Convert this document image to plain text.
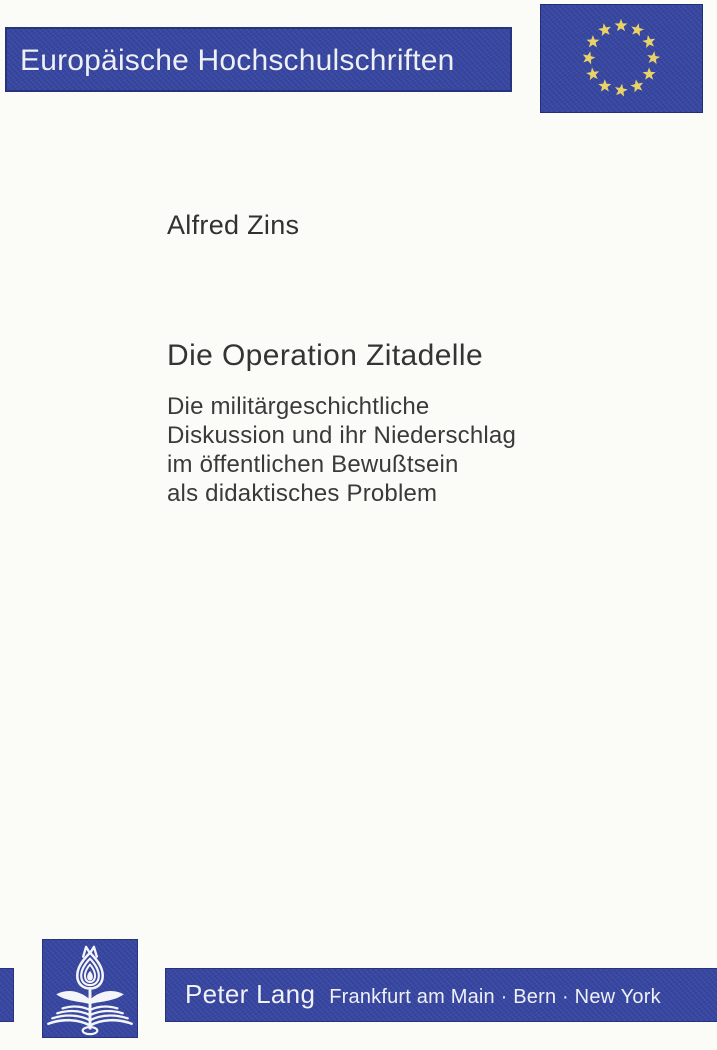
Europäische Hochschulschriften
Alfred Zins
Die Operation Zitadelle
Die militärgeschichtliche
Diskussion und ihr Niederschlag
im öffentlichen Bewußtsein
als didaktisches Problem
Peter Lang Frankfurt am Main · Bern · New York
